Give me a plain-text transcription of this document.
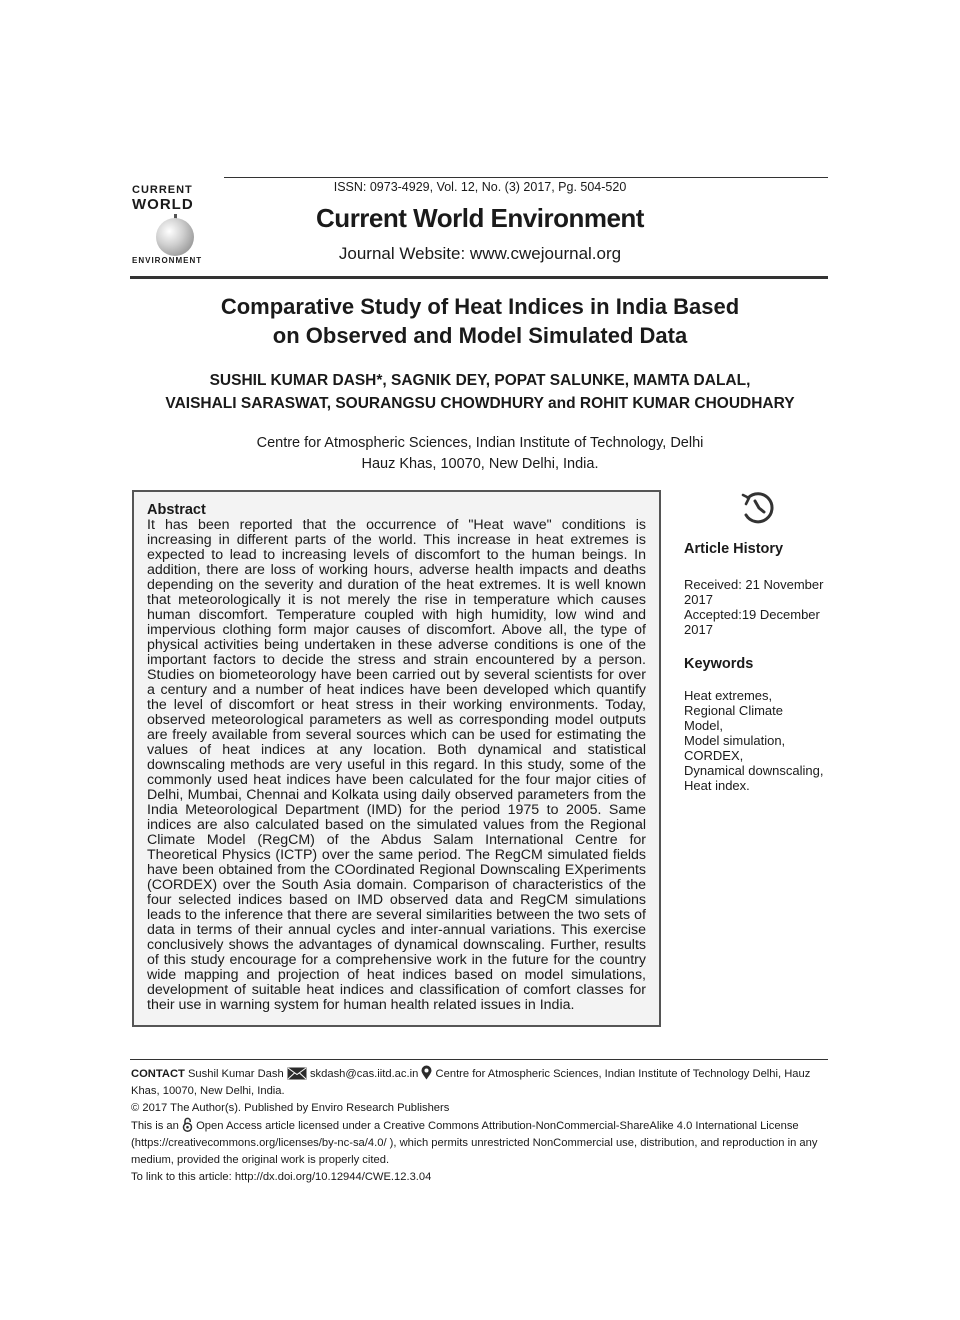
CURRENT
WORLD
ENVIRONMENT
ISSN: 0973-4929, Vol. 12, No. (3) 2017, Pg. 504-520
Current World Environment
Journal Website: www.cwejournal.org
Comparative Study of Heat Indices in India Based
on Observed and Model Simulated Data
SUSHIL KUMAR DASH*, SAGNIK DEY, POPAT SALUNKE, MAMTA DALAL,
VAISHALI SARASWAT, SOURANGSU CHOWDHURY and ROHIT KUMAR CHOUDHARY
Centre for Atmospheric Sciences, Indian Institute of Technology, Delhi
Hauz Khas, 10070, New Delhi, India.
Abstract

It has been reported that the occurrence of "Heat wave" conditions is increasing in different parts of the world. This increase in heat extremes is expected to lead to increasing levels of discomfort to the human beings. In addition, there are loss of working hours, adverse health impacts and deaths depending on the severity and duration of the heat extremes. It is well known that meteorologically it is not merely the rise in temperature which causes human discomfort. Temperature coupled with high humidity, low wind and impervious clothing form major causes of discomfort. Above all, the type of physical activities being undertaken in these adverse conditions is one of the important factors to decide the stress and strain encountered by a person. Studies on biometeorology have been carried out by several scientists for over a century and a number of heat indices have been developed which quantify the level of discomfort or heat stress in their working environments. Today, observed meteorological parameters as well as corresponding model outputs are freely available from several sources which can be used for estimating the values of heat indices at any location. Both dynamical and statistical downscaling methods are very useful in this regard. In this study, some of the commonly used heat indices have been calculated for the four major cities of Delhi, Mumbai, Chennai and Kolkata using daily observed parameters from the India Meteorological Department (IMD) for the period 1975 to 2005. Same indices are also calculated based on the simulated values from the Regional Climate Model (RegCM) of the Abdus Salam International Centre for Theoretical Physics (ICTP) over the same period. The RegCM simulated fields have been obtained from the COordinated Regional Downscaling EXperiments (CORDEX) over the South Asia domain. Comparison of characteristics of the four selected indices based on IMD observed data and RegCM simulations leads to the inference that there are several similarities between the two sets of data in terms of their annual cycles and inter-annual variations. This exercise conclusively shows the advantages of dynamical downscaling. Further, results of this study encourage for a comprehensive work in the future for the country wide mapping and projection of heat indices based on model simulations, development of suitable heat indices and classification of comfort classes for their use in warning system for human health related issues in India.

Article History
Received: 21 November 2017
Accepted:19 December 2017
Keywords
Heat extremes,
Regional Climate Model,
Model simulation,
CORDEX,
Dynamical downscaling,
Heat index.

CONTACT Sushil Kumar Dash skdash@cas.iitd.ac.in Centre for Atmospheric Sciences, Indian Institute of Technology Delhi, Hauz Khas, 10070, New Delhi, India.

© 2017 The Author(s). Published by Enviro Research Publishers

This is an Open Access article licensed under a Creative Commons Attribution-NonCommercial-ShareAlike 4.0 International License (https://creativecommons.org/licenses/by-nc-sa/4.0/ ), which permits unrestricted NonCommercial use, distribution, and reproduction in any medium, provided the original work is properly cited.

To link to this article: http://dx.doi.org/10.12944/CWE.12.3.04
